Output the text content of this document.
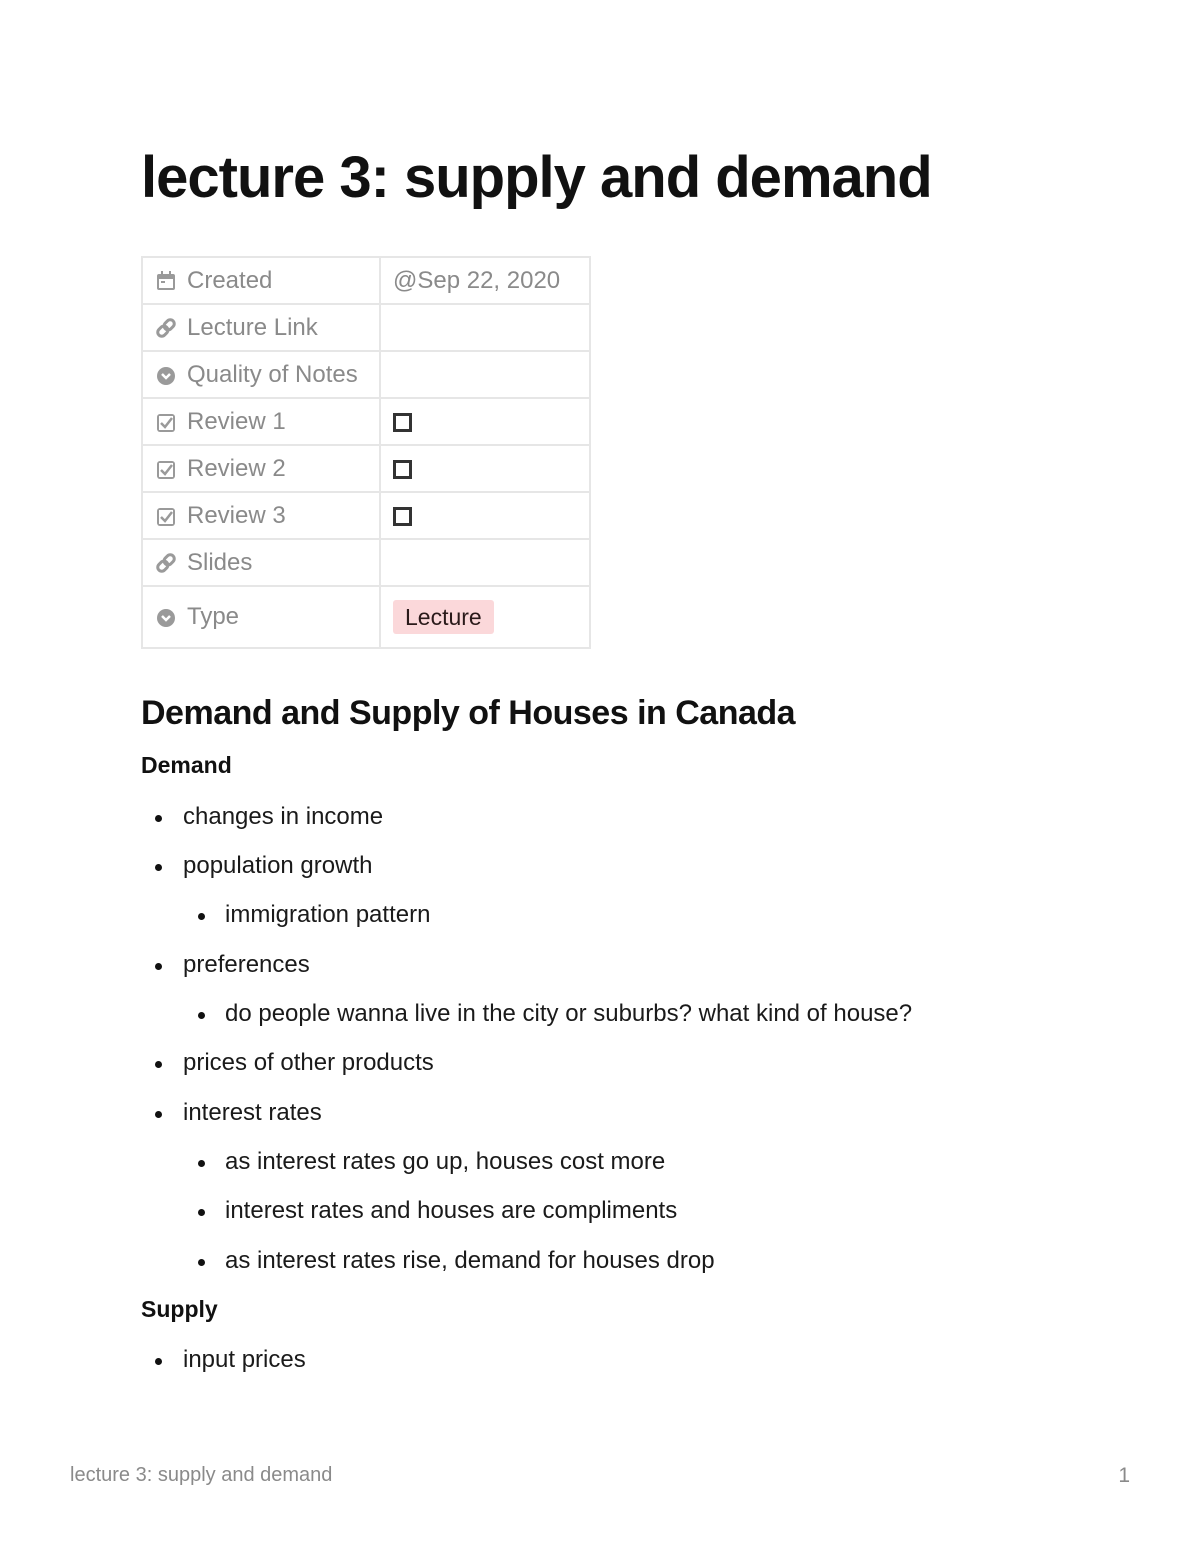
lecture 3: supply and demand
Created	@Sep 22, 2020

Lecture Link	

Quality of Notes	

Review 1	

Review 2	

Review 3	

Slides	

Type	Lecture
Demand and Supply of Houses in Canada
Demand
changes in income
population growth
immigration pattern
preferences
do people wanna live in the city or suburbs? what kind of house?
prices of other products
interest rates
as interest rates go up, houses cost more
interest rates and houses are compliments
as interest rates rise, demand for houses drop
Supply
input prices
lecture 3: supply and demand	1
